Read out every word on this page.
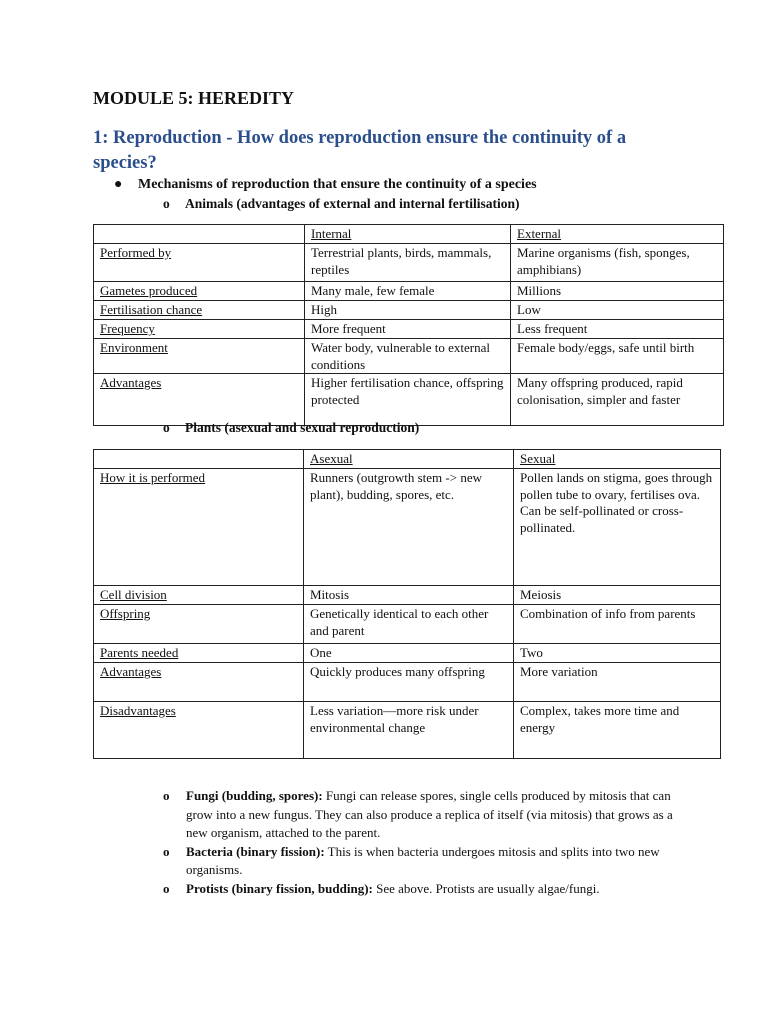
MODULE 5: HEREDITY
1: Reproduction - How does reproduction ensure the continuity of a species?
● Mechanisms of reproduction that ensure the continuity of a species
o Animals (advantages of external and internal fertilisation)
	Internal	External
Performed by	Terrestrial plants, birds, mammals, reptiles	Marine organisms (fish, sponges, amphibians)
Gametes produced	Many male, few female	Millions
Fertilisation chance	High	Low
Frequency	More frequent	Less frequent
Environment	Water body, vulnerable to external conditions	Female body/eggs, safe until birth
Advantages	Higher fertilisation chance, offspring protected	Many offspring produced, rapid colonisation, simpler and faster
o Plants (asexual and sexual reproduction)
	Asexual	Sexual
How it is performed	Runners (outgrowth stem -> new plant), budding, spores, etc.	Pollen lands on stigma, goes through pollen tube to ovary, fertilises ova. Can be self-pollinated or cross-pollinated.
Cell division	Mitosis	Meiosis
Offspring	Genetically identical to each other and parent	Combination of info from parents
Parents needed	One	Two
Advantages	Quickly produces many offspring	More variation
Disadvantages	Less variation—more risk under environmental change	Complex, takes more time and energy
o Fungi (budding, spores): Fungi can release spores, single cells produced by mitosis that can grow into a new fungus. They can also produce a replica of itself (via mitosis) that grows as a new organism, attached to the parent.
o Bacteria (binary fission): This is when bacteria undergoes mitosis and splits into two new organisms.
o Protists (binary fission, budding): See above. Protists are usually algae/fungi.
